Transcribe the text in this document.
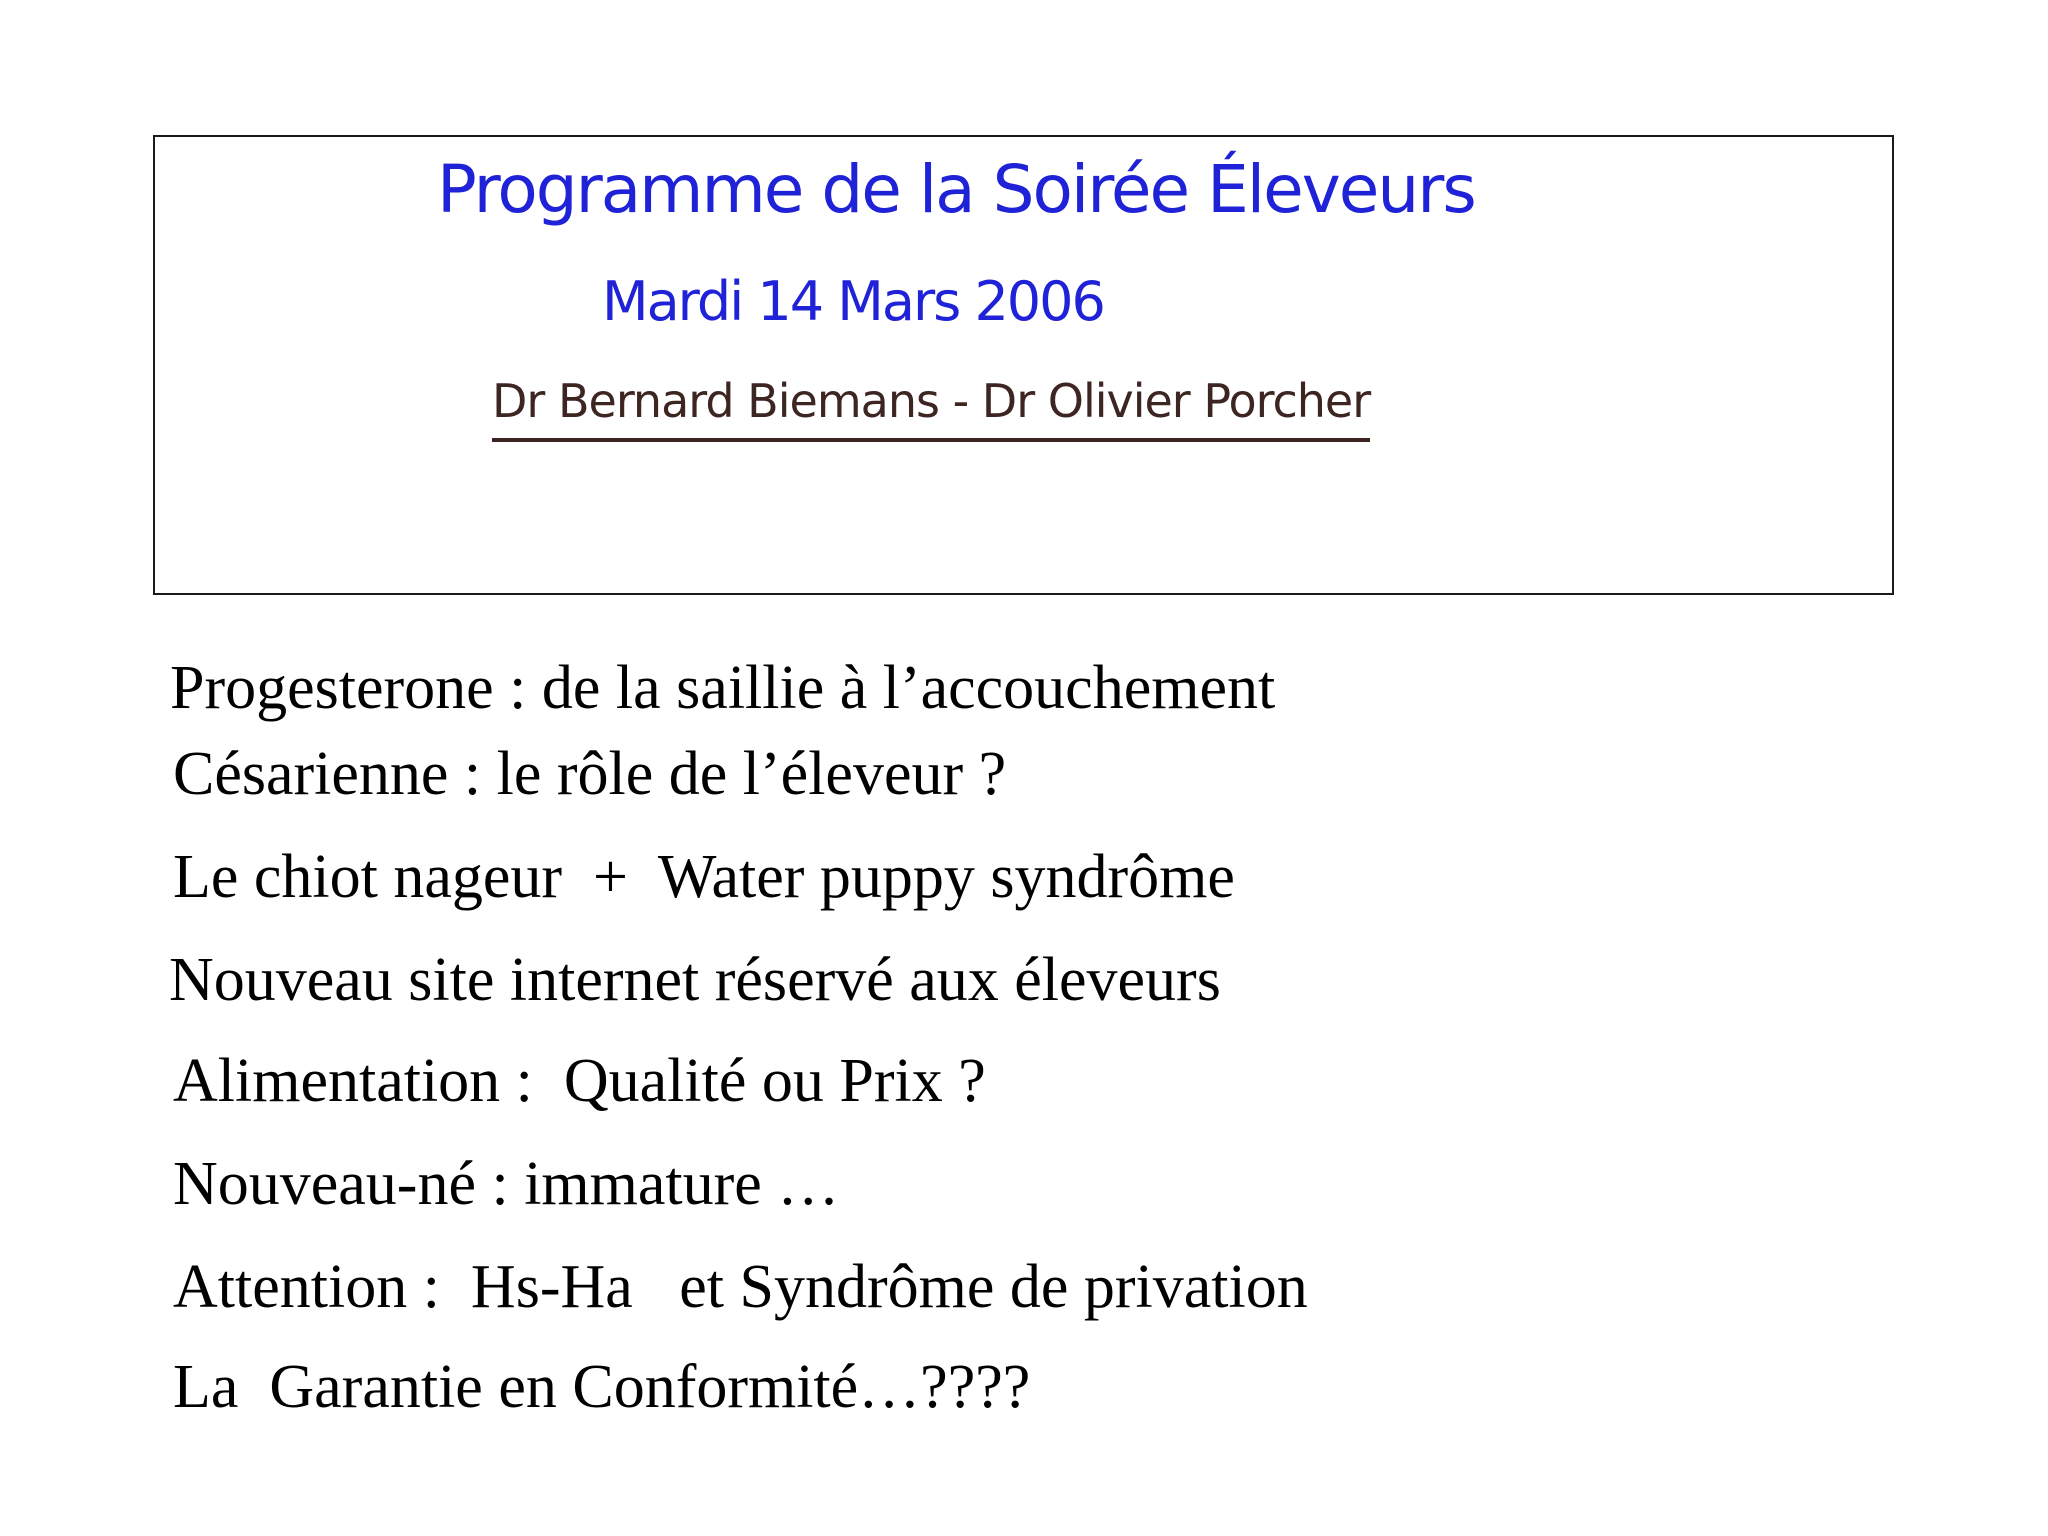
Programme de la Soirée Éleveurs
Mardi 14 Mars 2006
Dr Bernard Biemans - Dr Olivier Porcher
Progesterone : de la saillie à l’accouchement
Césarienne : le rôle de l’éleveur ?
Le chiot nageur  +  Water puppy syndrôme
Nouveau site internet réservé aux éleveurs
Alimentation :  Qualité ou Prix ?
Nouveau-né : immature …
Attention :  Hs-Ha   et Syndrôme de privation
La  Garantie en Conformité…????
